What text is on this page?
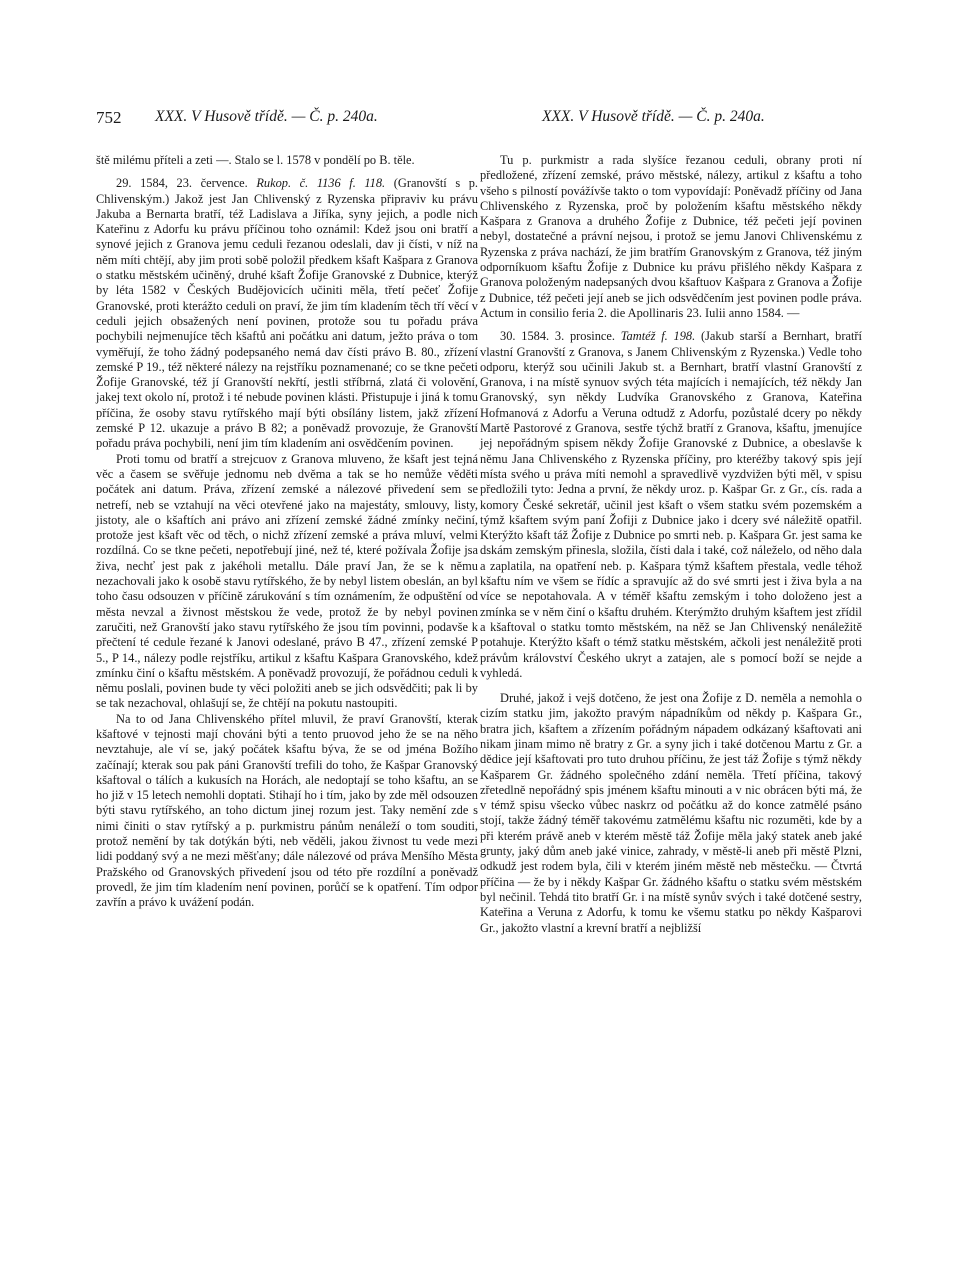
752 XXX. V Husově třídě. — Č. p. 240a.	XXX. V Husově třídě. — Č. p. 240a.

ště milému příteli a zeti —. Stalo se l. 1578 v pondělí po B. těle.

29. 1584, 23. července. Rukop. č. 1136 f. 118. (Granovští s p. Chlivenským.) Jakož jest Jan Chlivenský z Ryzenska připraviv ku právu Jakuba a Bernarta bratří, též Ladislava a Jiříka, syny jejich, a podle nich Kateřinu z Adorfu ku právu příčinou toho oznámil: Kdež jsou oni bratří a synové jejich z Granova jemu ceduli řezanou odeslali, dav ji čísti, v níž na něm míti chtějí, aby jim proti sobě položil předkem kšaft Kašpara z Granova o statku městském učiněný, druhé kšaft Žofije Granovské z Dubnice, kterýž by léta 1582 v Českých Budějovicích učiniti měla, třetí pečeť Žofije Granovské, proti kterážto ceduli on praví, že jim tím kladením těch tří věcí v ceduli jejich obsažených není povinen, protože sou tu pořadu práva pochybili nejmenujíce těch kšaftů ani počátku ani datum, ježto práva o tom vyměřují, že toho žádný podepsaného nemá dav čísti právo B. 80., zřízení zemské P 19., též některé nálezy na rejstříku poznamenané; co se tkne pečeti Žofije Granovské, též jí Granovští nekřtí, jestli stříbrná, zlatá či volovění, jakej text okolo ní, protož i té nebude povinen klásti. Přistupuje i jiná k tomu příčina, že osoby stavu rytířského mají býti obsílány listem, jakž zřízení zemské P 12. ukazuje a právo B 82; a poněvadž provozuje, že Granovští pořadu práva pochybili, není jim tím kladením ani osvědčením povinen.

Proti tomu od bratří a strejcuov z Granova mluveno, že kšaft jest tejná věc a časem se svěřuje jednomu neb dvěma a tak se ho nemůže věděti počátek ani datum. Práva, zřízení zemské a nálezové přivedení sem se netrefí, neb se vztahují na věci otevřené jako na majestáty, smlouvy, listy, jistoty, ale o kšaftích ani právo ani zřízení zemské žádné zmínky nečiní, protože jest kšaft věc od těch, o nichž zřízení zemské a práva mluví, velmi rozdílná. Co se tkne pečeti, nepotřebují jiné, než té, které požívala Žofije jsa živa, nechť jest pak z jakéholi metallu. Dále praví Jan, že se k němu nezachovali jako k osobě stavu rytířského, že by nebyl listem obeslán, an byl toho času odsouzen v příčině zárukování s tím oznámením, že odpuštění od města nevzal a živnost městskou že vede, protož že by nebyl povinen zaručiti, než Granovští jako stavu rytířského že jsou tím povinni, podavše k přečtení té cedule řezané k Janovi odeslané, právo B 47., zřízení zemské P 5., P 14., nálezy podle rejstříku, artikul z kšaftu Kašpara Granovského, kdež zmínku činí o kšaftu městském. A poněvadž provozují, že pořádnou ceduli k němu poslali, povinen bude ty věci položiti aneb se jich odsvědčiti; pak li by se tak nezachoval, ohlašují se, že chtějí na pokutu nastoupiti.

Na to od Jana Chlivenského přítel mluvil, že praví Granovští, kterak kšaftové v tejnosti mají chováni býti a tento pruovod jeho že se na něho nevztahuje, ale ví se, jaký počátek kšaftu býva, že se od jména Božího začínají; kterak sou pak páni Granovští trefili do toho, že Kašpar Granovský kšaftoval o tálích a kukusích na Horách, ale nedoptají se toho kšaftu, an se ho již v 15 letech nemohli doptati. Stihají ho i tím, jako by zde měl odsouzen býti stavu rytířského, an toho dictum jinej rozum jest. Taky nemění zde s nimi činiti o stav rytířský a p. purkmistru pánům nenáleží o tom souditi, protož nemění by tak dotýkán býti, neb věděli, jakou živnost tu vede mezi lidi poddaný svý a ne mezi měšťany; dále nálezové od práva Menšího Města Pražského od Granovských přivedení jsou od této pře rozdílní a poněvadž provedl, že jim tím kladením není povinen, porůčí se k opatření. Tím odpor zavřín a právo k uvážení podán.

Tu p. purkmistr a rada slyšíce řezanou ceduli, obrany proti ní předložené, zřízení zemské, právo městské, nálezy, artikul z kšaftu a toho všeho s pilností povážívše takto o tom vypovídají: Poněvadž příčiny od Jana Chlivenského z Ryzenska, proč by položením kšaftu městského někdy Kašpara z Granova a druhého Žofije z Dubnice, též pečeti její povinen nebyl, dostatečné a právní nejsou, i protož se jemu Janovi Chlivenskému z Ryzenska z práva nachází, že jim bratřím Granovským z Granova, též jiným odporníkuom kšaftu Žofije z Dubnice ku právu přišlého někdy Kašpara z Granova položeným nadepsaných dvou kšaftuov Kašpara z Granova a Žofije z Dubnice, též pečeti její aneb se jich odsvědčením jest povinen podle práva. Actum in consilio feria 2. die Apollinaris 23. Iulii anno 1584. —

30. 1584. 3. prosince. Tamtéž f. 198. (Jakub starší a Bernhart, bratří vlastní Granovští z Granova, s Janem Chlivenským z Ryzenska.) Vedle toho odporu, kterýž sou učinili Jakub st. a Bernhart, bratří vlastní Granovští z Granova, i na místě synuov svých téta majících i nemajících, též někdy Jan Granovský, syn někdy Ludvíka Granovského z Granova, Kateřina Hofmanová z Adorfu a Veruna odtudž z Adorfu, pozůstalé dcery po někdy Martě Pastorové z Granova, sestře týchž bratří z Granova, kšaftu, jmenujíce jej nepořádným spisem někdy Žofije Granovské z Dubnice, a obeslavše k němu Jana Chlivenského z Ryzenska příčiny, pro kteréžby takový spis její místa svého u práva míti nemohl a spravedlivě vyzdvižen býti měl, v spisu předložili tyto: Jedna a první, že někdy uroz. p. Kašpar Gr. z Gr., cís. rada a komory České sekretář, učinil jest kšaft o všem statku svém pozemském a týmž kšaftem svým paní Žofiji z Dubnice jako i dcery své náležitě opatřil. Kterýžto kšaft táž Žofije z Dubnice po smrti neb. p. Kašpara Gr. jest sama ke dskám zemským přinesla, složila, čísti dala i také, což náleželo, od něho dala a zaplatila, na opatření neb. p. Kašpara týmž kšaftem přestala, vedle téhož kšaftu ním ve všem se řídíc a spravujíc až do své smrti jest i živa byla a na více se nepotahovala. A v téměř kšaftu zemským i toho doloženo jest a zmínka se v něm činí o kšaftu druhém. Kterýmžto druhým kšaftem jest zřídil a kšaftoval o statku tomto městském, na něž se Jan Chlivenský nenáležitě potahuje. Kterýžto kšaft o témž statku městském, ačkoli jest nenáležitě proti právům království Českého ukryt a zatajen, ale s pomocí boží se nejde a vyhledá.

Druhé, jakož i vejš dotčeno, že jest ona Žofije z D. neměla a nemohla o cizím statku jim, jakožto pravým nápadníkům od někdy p. Kašpara Gr., bratra jich, kšaftem a zřízením pořádným nápadem odkázaný kšaftovati ani nikam jinam mimo ně bratry z Gr. a syny jich i také dotčenou Martu z Gr. a dědice její kšaftovati pro tuto druhou příčinu, že jest táž Žofije s týmž někdy Kašparem Gr. žádného společného zdání neměla. Třetí příčina, takový zřetedlně nepořádný spis jménem kšaftu minouti a v nic obrácen býti má, že v témž spisu všecko vůbec naskrz od počátku až do konce zatmělé psáno stojí, takže žádný téměř takovému zatmělému kšaftu nic rozuměti, kde by a při kterém právě aneb v kterém městě táž Žofije měla jaký statek aneb jaké grunty, jaký dům aneb jaké vinice, zahrady, v městě-li aneb při městě Plzni, odkudž jest rodem byla, čili v kterém jiném městě neb městečku. — Čtvrtá příčina — že by i někdy Kašpar Gr. žádného kšaftu o statku svém městském byl nečinil. Tehdá tito bratří Gr. i na místě synův svých i také dotčené sestry, Kateřina a Veruna z Adorfu, k tomu ke všemu statku po někdy Kašparovi Gr., jakožto vlastní a krevní bratří a nejbližší
